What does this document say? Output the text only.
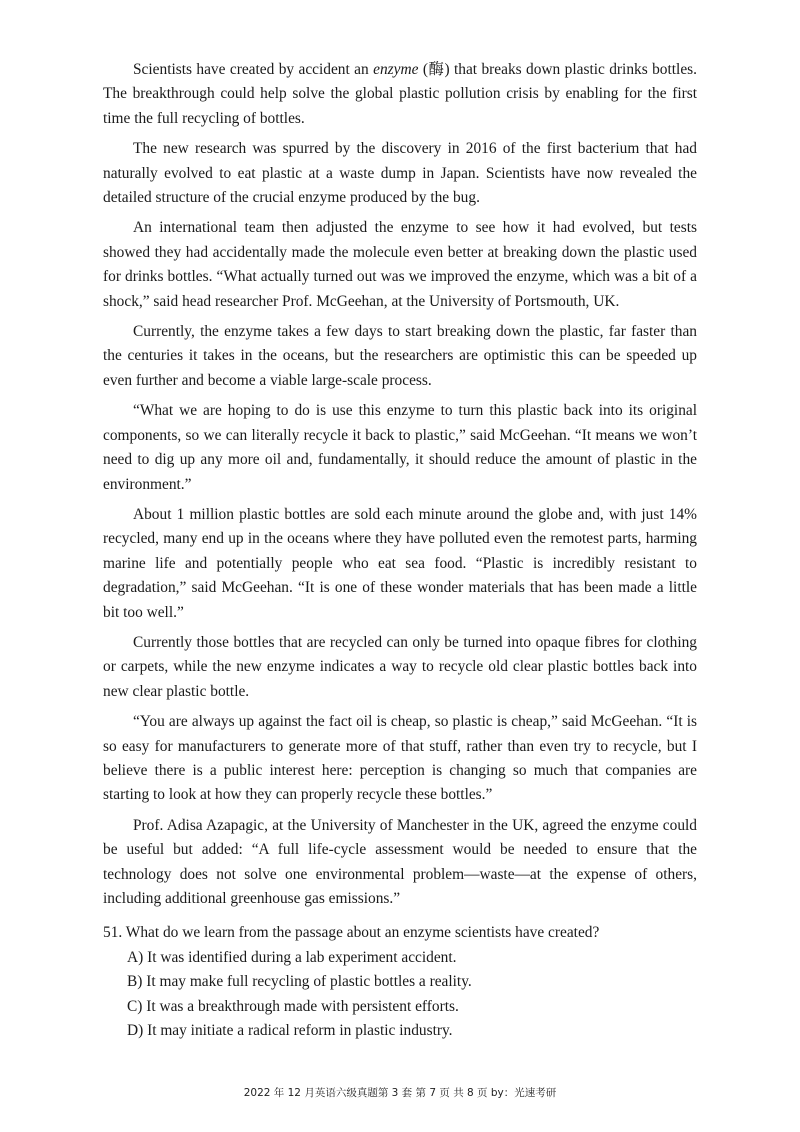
Scientists have created by accident an enzyme (酶) that breaks down plastic drinks bottles. The breakthrough could help solve the global plastic pollution crisis by enabling for the first time the full recycling of bottles.

The new research was spurred by the discovery in 2016 of the first bacterium that had naturally evolved to eat plastic at a waste dump in Japan. Scientists have now revealed the detailed structure of the crucial enzyme produced by the bug.

An international team then adjusted the enzyme to see how it had evolved, but tests showed they had accidentally made the molecule even better at breaking down the plastic used for drinks bottles. “What actually turned out was we improved the enzyme, which was a bit of a shock,” said head researcher Prof. McGeehan, at the University of Portsmouth, UK.

Currently, the enzyme takes a few days to start breaking down the plastic, far faster than the centuries it takes in the oceans, but the researchers are optimistic this can be speeded up even further and become a viable large-scale process.

“What we are hoping to do is use this enzyme to turn this plastic back into its original components, so we can literally recycle it back to plastic,” said McGeehan. “It means we won’t need to dig up any more oil and, fundamentally, it should reduce the amount of plastic in the environment.”

About 1 million plastic bottles are sold each minute around the globe and, with just 14% recycled, many end up in the oceans where they have polluted even the remotest parts, harming marine life and potentially people who eat sea food. “Plastic is incredibly resistant to degradation,” said McGeehan. “It is one of these wonder materials that has been made a little bit too well.”

Currently those bottles that are recycled can only be turned into opaque fibres for clothing or carpets, while the new enzyme indicates a way to recycle old clear plastic bottles back into new clear plastic bottle.

“You are always up against the fact oil is cheap, so plastic is cheap,” said McGeehan. “It is so easy for manufacturers to generate more of that stuff, rather than even try to recycle, but I believe there is a public interest here: perception is changing so much that companies are starting to look at how they can properly recycle these bottles.”

Prof. Adisa Azapagic, at the University of Manchester in the UK, agreed the enzyme could be useful but added: “A full life-cycle assessment would be needed to ensure that the technology does not solve one environmental problem—waste—at the expense of others, including additional greenhouse gas emissions.”

51. What do we learn from the passage about an enzyme scientists have created?

A) It was identified during a lab experiment accident.
B) It may make full recycling of plastic bottles a reality.
C) It was a breakthrough made with persistent efforts.
D) It may initiate a radical reform in plastic industry.
2022 年 12 月英语六级真题第 3 套 第 7 页 共 8 页 by：光速考研
